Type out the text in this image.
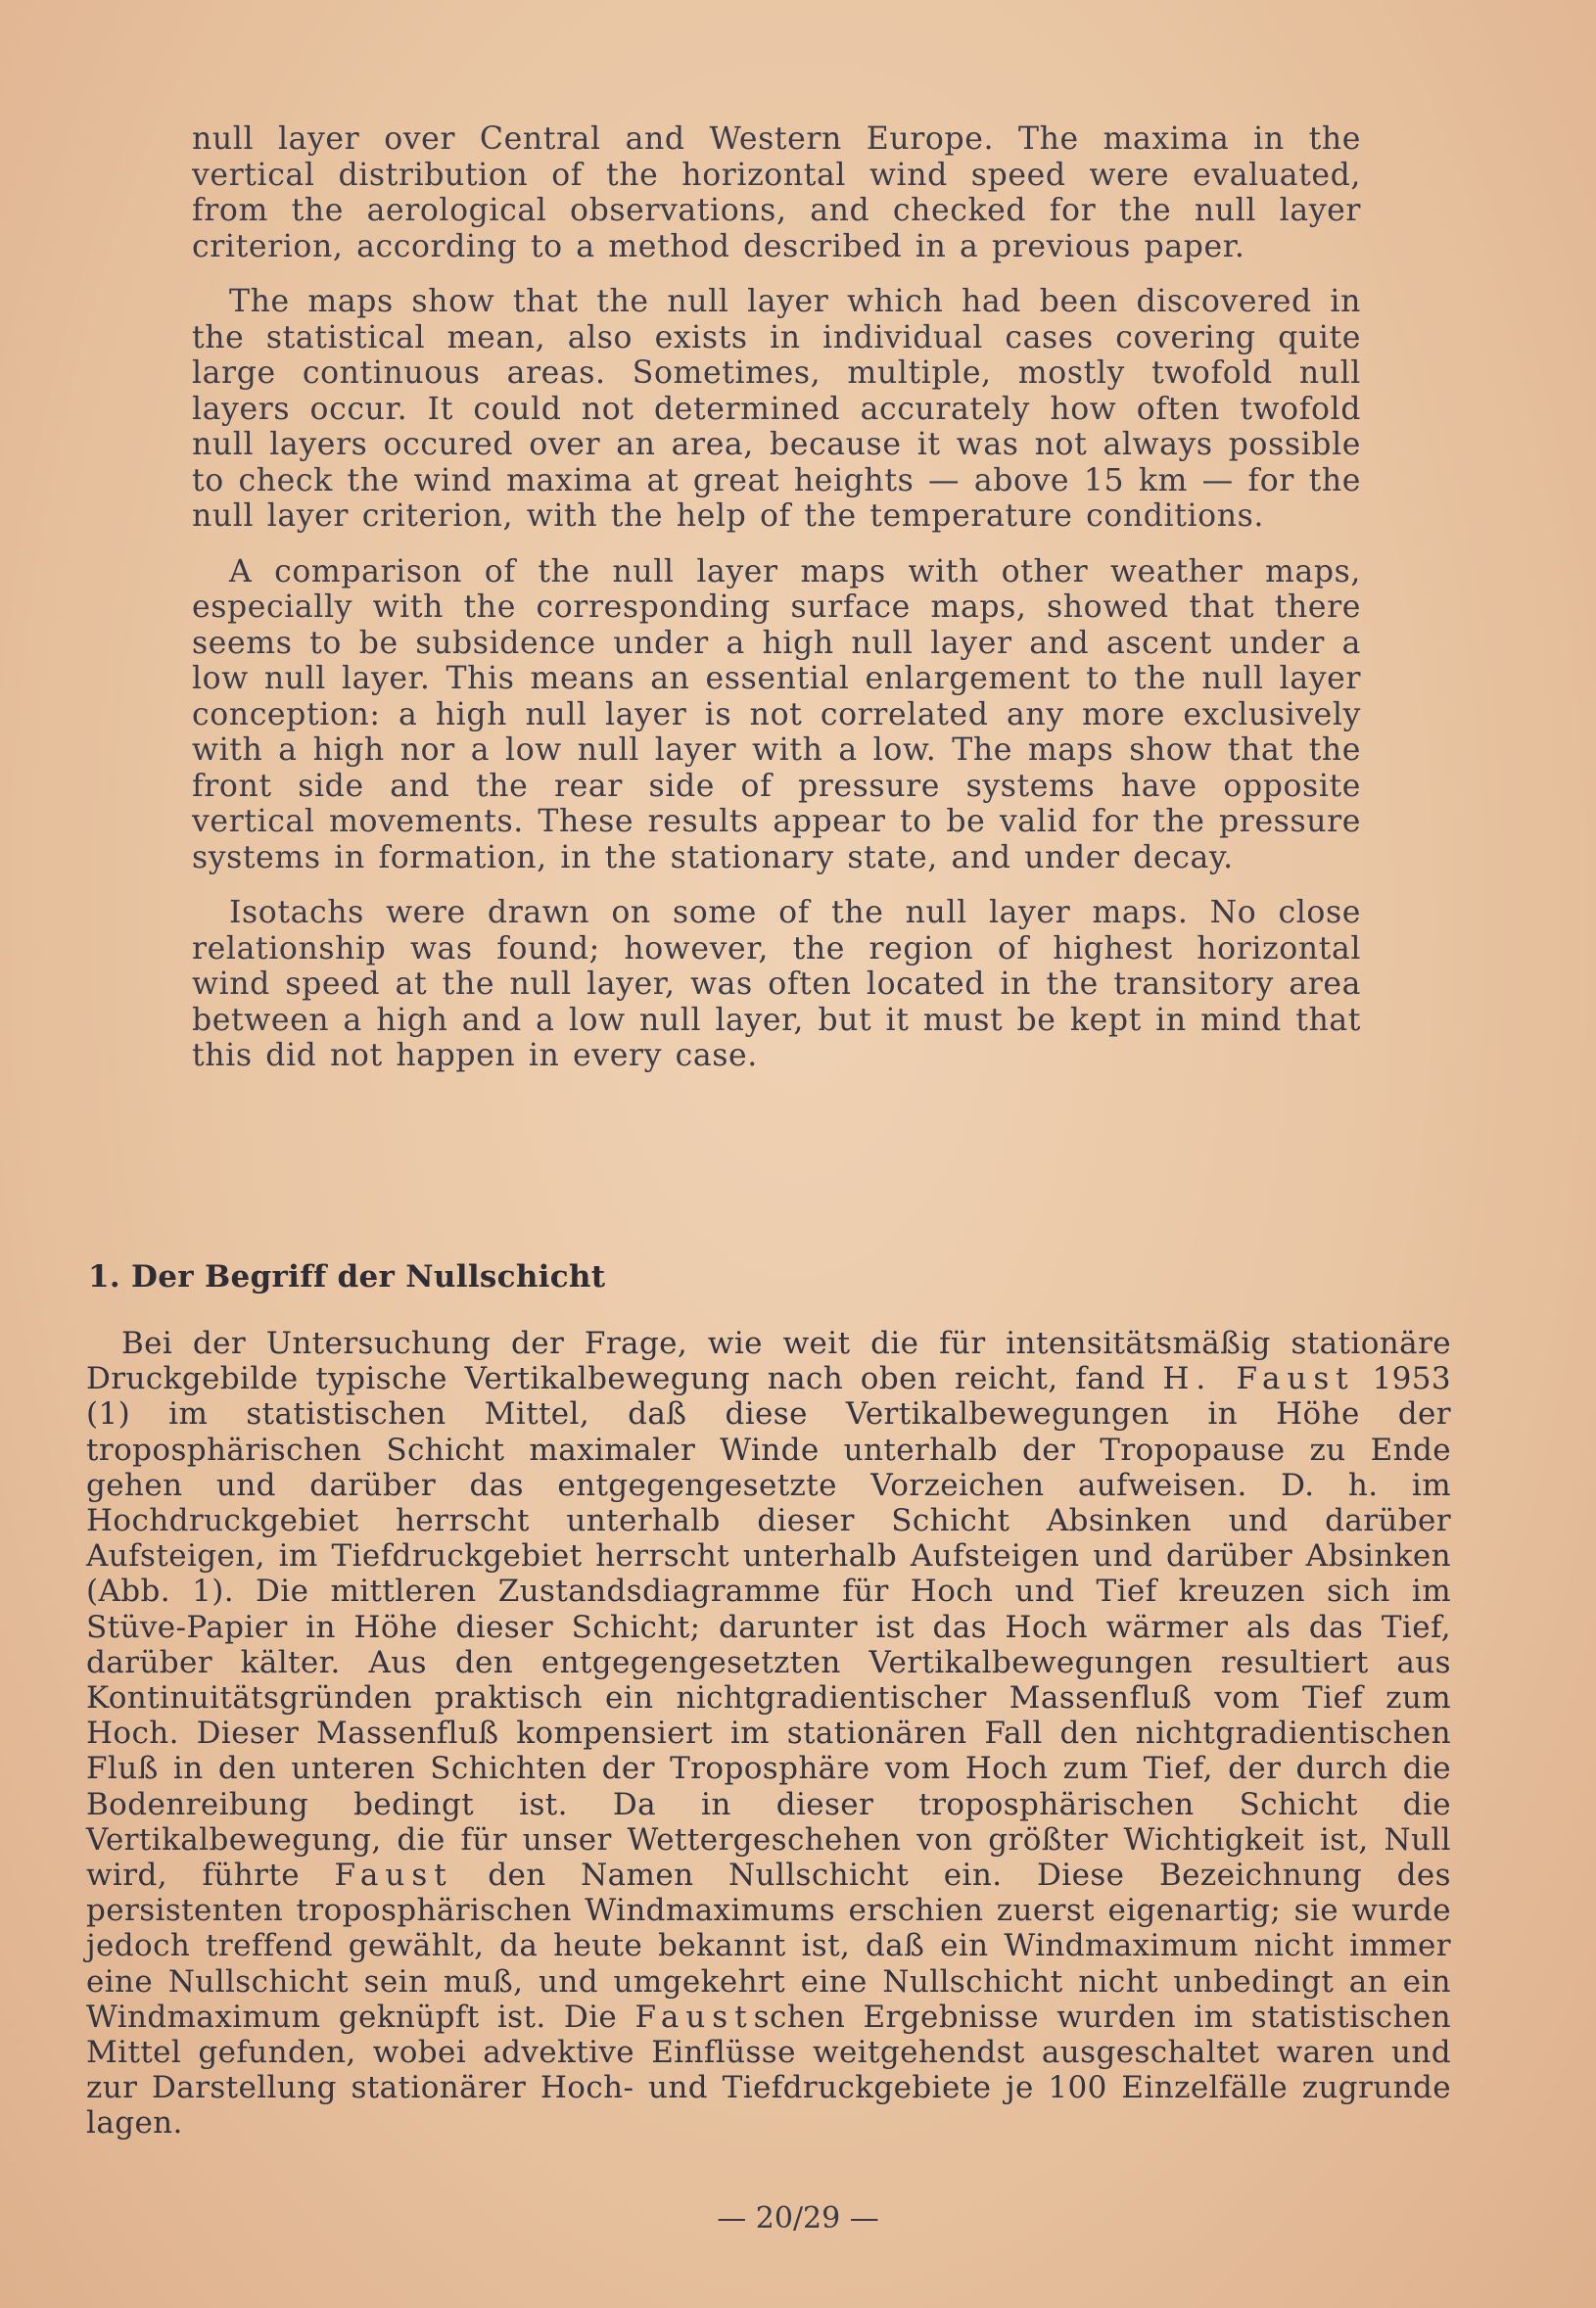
null layer over Central and Western Europe. The maxima in the vertical distribution of the horizontal wind speed were evaluated, from the aerological observations, and checked for the null layer criterion, according to a method described in a previous paper.

The maps show that the null layer which had been discovered in the statistical mean, also exists in individual cases covering quite large continuous areas. Sometimes, multiple, mostly twofold null layers occur. It could not determined accurately how often twofold null layers occured over an area, because it was not always possible to check the wind maxima at great heights — above 15 km — for the null layer criterion, with the help of the temperature conditions.

A comparison of the null layer maps with other weather maps, especially with the corresponding surface maps, showed that there seems to be subsidence under a high null layer and ascent under a low null layer. This means an essential enlargement to the null layer conception: a high null layer is not correlated any more exclusively with a high nor a low null layer with a low. The maps show that the front side and the rear side of pressure systems have opposite vertical movements. These results appear to be valid for the pressure systems in formation, in the stationary state, and under decay.

Isotachs were drawn on some of the null layer maps. No close relationship was found; however, the region of highest horizontal wind speed at the null layer, was often located in the transitory area between a high and a low null layer, but it must be kept in mind that this did not happen in every case.

1. Der Begriff der Nullschicht

Bei der Untersuchung der Frage, wie weit die für intensitätsmäßig stationäre Druckgebilde typische Vertikalbewegung nach oben reicht, fand H. Faust 1953 (1) im statistischen Mittel, daß diese Vertikalbewegungen in Höhe der troposphärischen Schicht maximaler Winde unterhalb der Tropopause zu Ende gehen und darüber das entgegengesetzte Vorzeichen aufweisen. D. h. im Hochdruckgebiet herrscht unterhalb dieser Schicht Absinken und darüber Aufsteigen, im Tiefdruckgebiet herrscht unterhalb Aufsteigen und darüber Absinken (Abb. 1). Die mittleren Zustandsdiagramme für Hoch und Tief kreuzen sich im Stüve-Papier in Höhe dieser Schicht; darunter ist das Hoch wärmer als das Tief, darüber kälter. Aus den entgegengesetzten Vertikalbewegungen resultiert aus Kontinuitätsgründen praktisch ein nichtgradientischer Massenfluß vom Tief zum Hoch. Dieser Massenfluß kompensiert im stationären Fall den nichtgradientischen Fluß in den unteren Schichten der Troposphäre vom Hoch zum Tief, der durch die Bodenreibung bedingt ist. Da in dieser troposphärischen Schicht die Vertikalbewegung, die für unser Wettergeschehen von größter Wichtigkeit ist, Null wird, führte Faust den Namen Nullschicht ein. Diese Bezeichnung des persistenten troposphärischen Windmaximums erschien zuerst eigenartig; sie wurde jedoch treffend gewählt, da heute bekannt ist, daß ein Windmaximum nicht immer eine Nullschicht sein muß, und umgekehrt eine Nullschicht nicht unbedingt an ein Windmaximum geknüpft ist. Die Faustschen Ergebnisse wurden im statistischen Mittel gefunden, wobei advektive Einflüsse weitgehendst ausgeschaltet waren und zur Darstellung stationärer Hoch- und Tiefdruckgebiete je 100 Einzelfälle zugrunde lagen.

— 20/29 —
